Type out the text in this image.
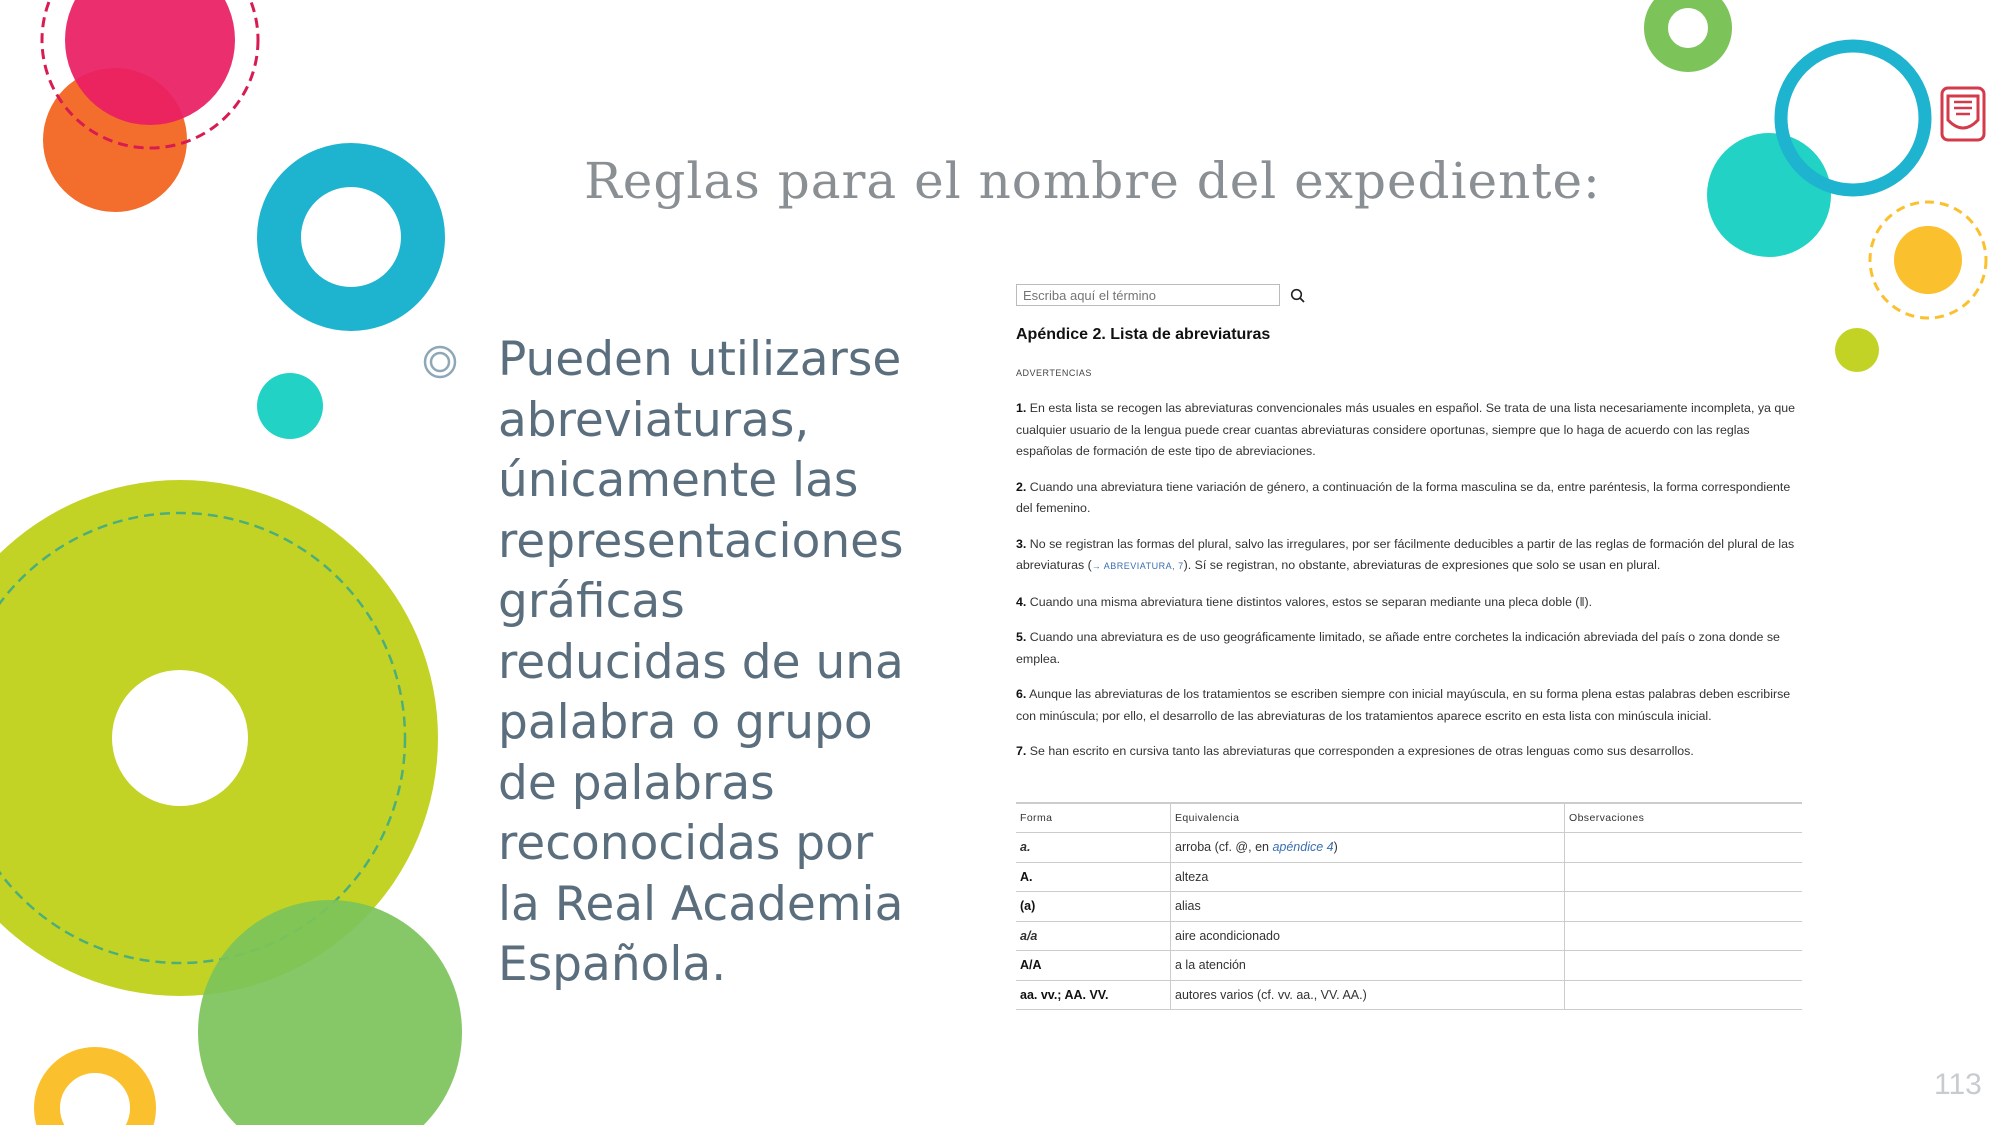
Reglas para el nombre del expediente:
Pueden utilizarse
abreviaturas,
únicamente las
representaciones
gráficas
reducidas de una
palabra o grupo
de palabras
reconocidas por
la Real Academia
Española.
Escriba aquí el término
Apéndice 2. Lista de abreviaturas
ADVERTENCIAS

1. En esta lista se recogen las abreviaturas convencionales más usuales en español. Se trata de una lista necesariamente incompleta, ya que cualquier usuario de la lengua puede crear cuantas abreviaturas considere oportunas, siempre que lo haga de acuerdo con las reglas españolas de formación de este tipo de abreviaciones.

2. Cuando una abreviatura tiene variación de género, a continuación de la forma masculina se da, entre paréntesis, la forma correspondiente del femenino.

3. No se registran las formas del plural, salvo las irregulares, por ser fácilmente deducibles a partir de las reglas de formación del plural de las abreviaturas (→ ABREVIATURA, 7). Sí se registran, no obstante, abreviaturas de expresiones que solo se usan en plural.

4. Cuando una misma abreviatura tiene distintos valores, estos se separan mediante una pleca doble (‖).

5. Cuando una abreviatura es de uso geográficamente limitado, se añade entre corchetes la indicación abreviada del país o zona donde se emplea.

6. Aunque las abreviaturas de los tratamientos se escriben siempre con inicial mayúscula, en su forma plena estas palabras deben escribirse con minúscula; por ello, el desarrollo de las abreviaturas de los tratamientos aparece escrito en esta lista con minúscula inicial.

7. Se han escrito en cursiva tanto las abreviaturas que corresponden a expresiones de otras lenguas como sus desarrollos.

Forma	Equivalencia	Observaciones
a.	arroba (cf. @, en apéndice 4)	
A.	alteza	
(a)	alias	
a/a	aire acondicionado	
A/A	a la atención	
aa. vv.; AA. VV.	autores varios (cf. vv. aa., VV. AA.)	
113
